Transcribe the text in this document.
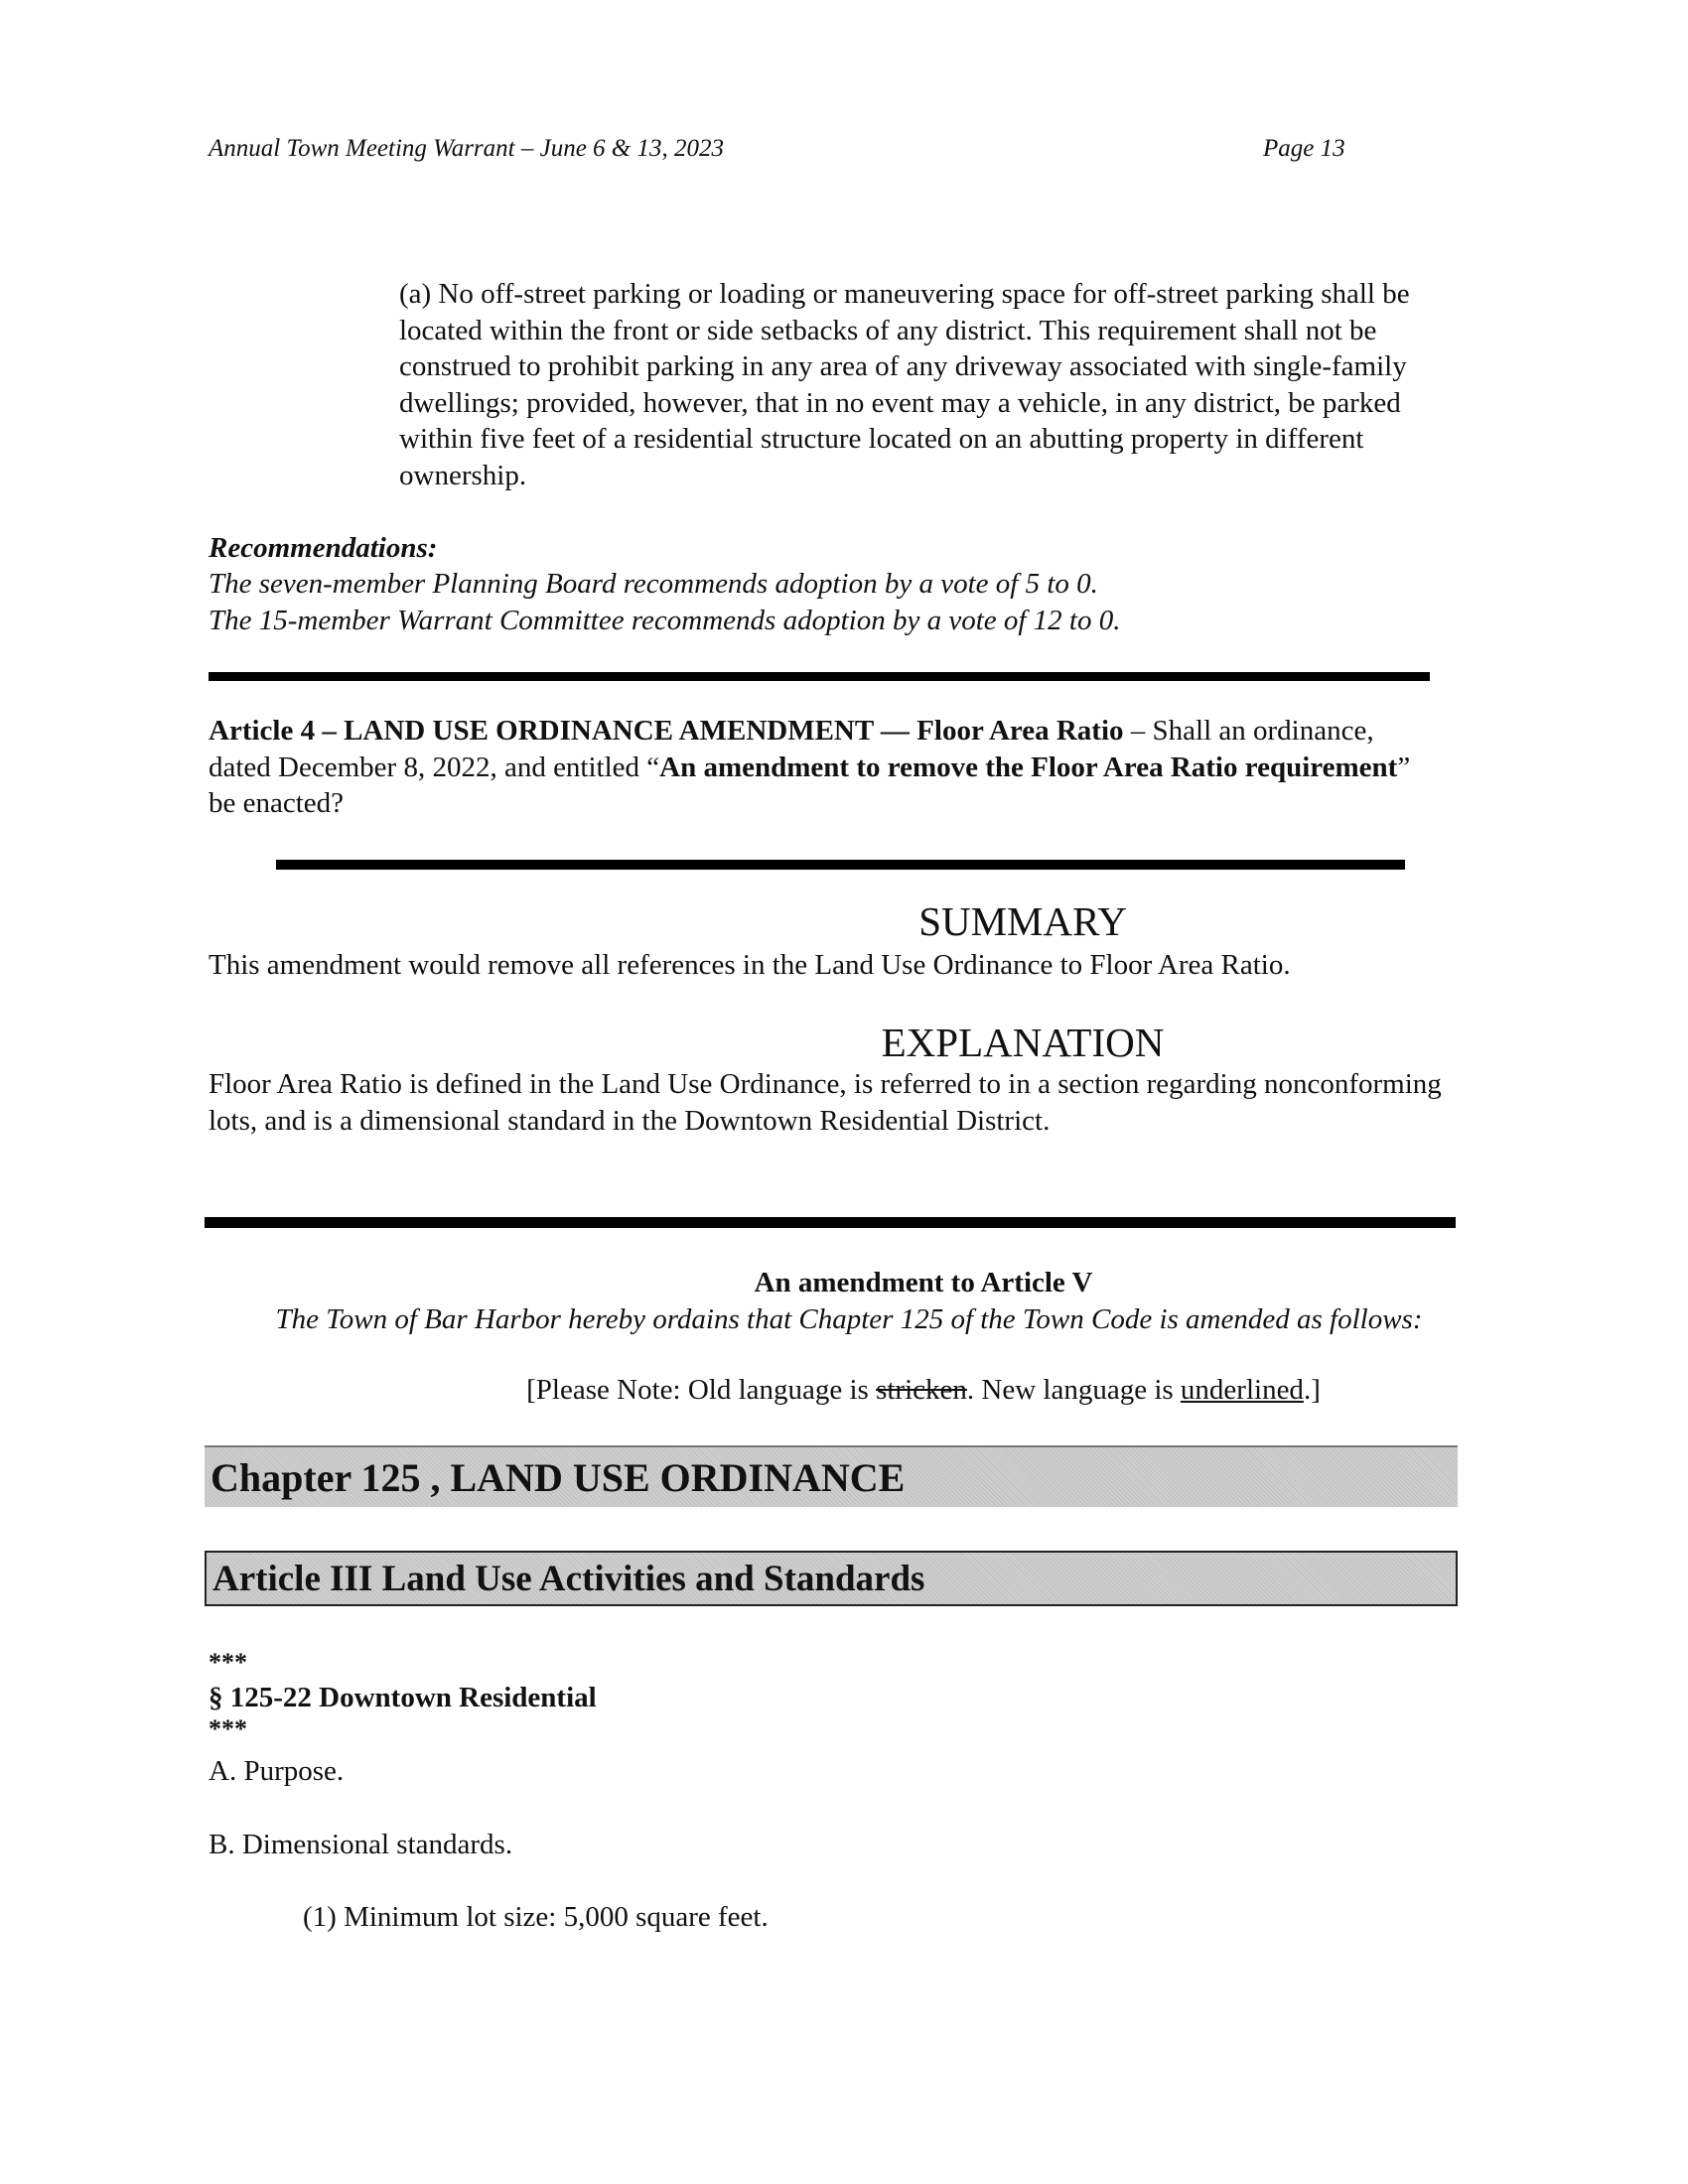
Annual Town Meeting Warrant – June 6 & 13, 2023	Page 13
(a) No off-street parking or loading or maneuvering space for off-street parking shall be located within the front or side setbacks of any district. This requirement shall not be construed to prohibit parking in any area of any driveway associated with single-family dwellings; provided, however, that in no event may a vehicle, in any district, be parked within five feet of a residential structure located on an abutting property in different ownership.
Recommendations:
The seven-member Planning Board recommends adoption by a vote of 5 to 0.
The 15-member Warrant Committee recommends adoption by a vote of 12 to 0.
Article 4 – LAND USE ORDINANCE AMENDMENT — Floor Area Ratio – Shall an ordinance, dated December 8, 2022, and entitled “An amendment to remove the Floor Area Ratio requirement” be enacted?
SUMMARY
This amendment would remove all references in the Land Use Ordinance to Floor Area Ratio.
EXPLANATION
Floor Area Ratio is defined in the Land Use Ordinance, is referred to in a section regarding nonconforming lots, and is a dimensional standard in the Downtown Residential District.
An amendment to Article V
The Town of Bar Harbor hereby ordains that Chapter 125 of the Town Code is amended as follows:
[Please Note: Old language is stricken. New language is underlined.]
Chapter 125 , LAND USE ORDINANCE
Article III Land Use Activities and Standards
***
§ 125-22 Downtown Residential
***
A. Purpose.
B. Dimensional standards.
(1) Minimum lot size: 5,000 square feet.
